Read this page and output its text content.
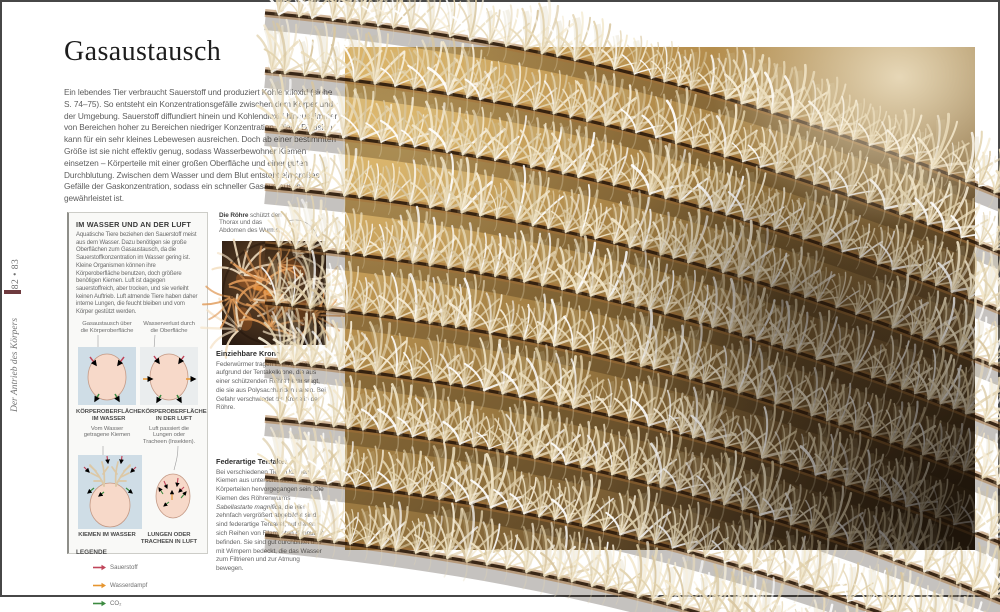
82 • 83
Der Antrieb des Körpers
Gasaustausch

Ein lebendes Tier verbraucht Sauerstoff und produziert Kohlendioxid (siehe S. 74–75). So entsteht ein Konzentrationsgefälle zwischen dem Körper und der Umgebung. Sauerstoff diffundiert hinein und Kohlendioxid hinaus, immer von Bereichen hoher zu Bereichen niedriger Konzentration. Diese Diffusion kann für ein sehr kleines Lebewesen ausreichen. Doch ab einer bestimmten Größe ist sie nicht effektiv genug, sodass Wasserbewohner Kiemen einsetzen – Körperteile mit einer großen Oberfläche und einer guten Durchblutung. Zwischen dem Wasser und dem Blut entsteht ein großes Gefälle der Gaskonzentration, sodass ein schneller Gasaustausch gewährleistet ist.

IM WASSER UND AN DER LUFT

Aquatische Tiere beziehen den Sauerstoff meist aus dem Wasser. Dazu benötigen sie große Oberflächen zum Gasaustausch, da die Sauerstoffkonzentration im Wasser gering ist. Kleine Organismen können ihre Körperoberfläche benutzen, doch größere benötigen Kiemen. Luft ist dagegen sauerstoffreich, aber trocken, und sie verleiht keinen Auftrieb. Luft atmende Tiere haben daher interne Lungen, die feucht bleiben und vom Körper gestützt werden.

Gasaustausch über die Körperoberfläche
Wasserverlust durch die Oberfläche
KÖRPEROBERFLÄCHE IM WASSER
KÖRPEROBERFLÄCHE IN DER LUFT
Vom Wasser getragene Kiemen
Luft passiert die Lungen oder Tracheen (Insekten).
KIEMEN IM WASSER	LUNGEN ODER TRACHEEN IN LUFT
LEGENDE
Sauerstoff
Wasserdampf

CO₂
Die Röhre schützt den Thorax und das Abdomen des Wurms.
Einziehbare Krone

Federwürmer tragen ihren Namen aufgrund der Tentakelkrone, die aus einer schützenden Röhre herausragt, die sie aus Polysacchariden bauen. Bei Gefahr verschwindet die Krone in der Röhre.

Federartige Tentakel

Bei verschiedenen Tieren können Kiemen aus unterschiedlichen Körperteilen hervorgegangen sein. Die Kiemen des Röhrenwurms Sabellastarte magnifica, die hier zehnfach vergrößert abgebildet sind, sind federartige Tentakel, auf denen sich Reihen von Filamenten (Pinnulae) befinden. Sie sind gut durchblutet und mit Wimpern bedeckt, die das Wasser zum Filtrieren und zur Atmung bewegen.
